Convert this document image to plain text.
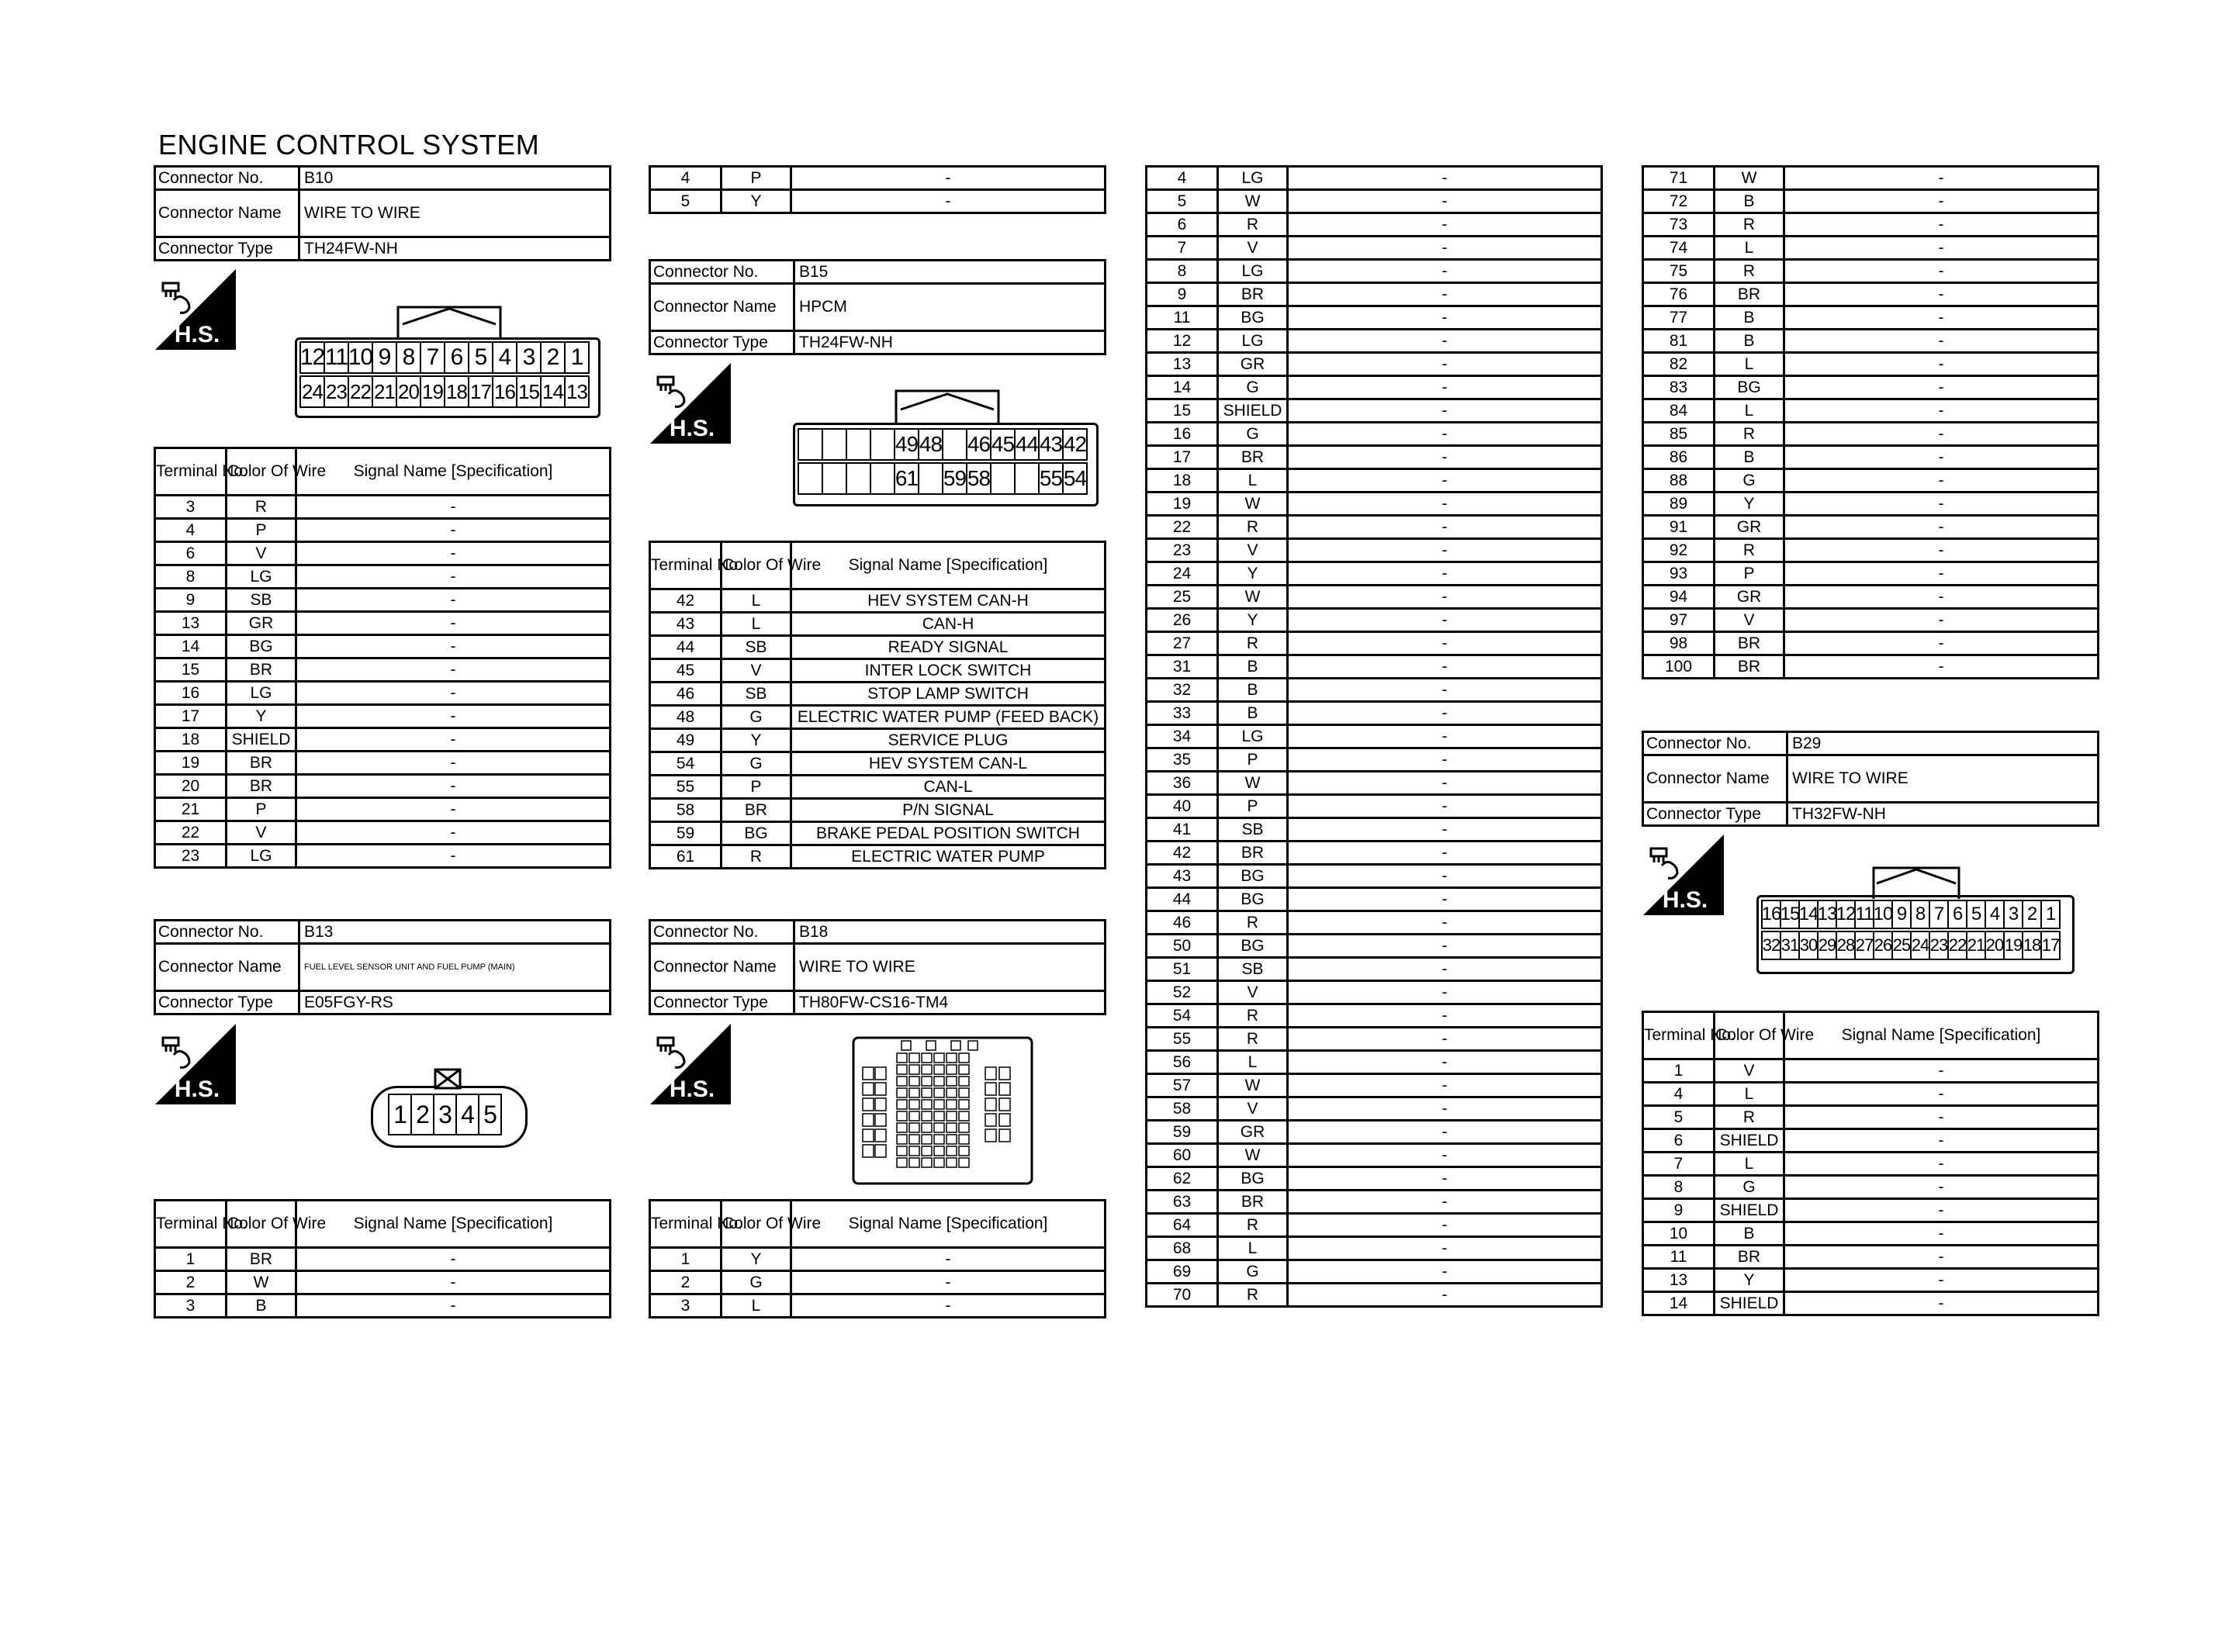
ENGINE CONTROL SYSTEM
Connector No.	B10
Connector Name	WIRE TO WIRE
Connector Type	TH24FW-NH
H.S.
12 11 10 9 8 7 6 5 4 3 2 1
24 23 22 21 20 19 18 17 16 15 14 13
Terminal No.	Color Of Wire	Signal Name [Specification]
3	R	-
4	P	-
6	V	-
8	LG	-
9	SB	-
13	GR	-
14	BG	-
15	BR	-
16	LG	-
17	Y	-
18	SHIELD	-
19	BR	-
20	BR	-
21	P	-
22	V	-
23	LG	-
Connector No.	B13
Connector Name	FUEL LEVEL SENSOR UNIT AND FUEL PUMP (MAIN)
Connector Type	E05FGY-RS
H.S.
1 2 3 4 5
Terminal No.	Color Of Wire	Signal Name [Specification]
1	BR	-
2	W	-
3	B	-
4	P	-
5	Y	-
Connector No.	B15
Connector Name	HPCM
Connector Type	TH24FW-NH
H.S.
49 48 46 45 44 43 42
61 59 58 55 54
Terminal No.	Color Of Wire	Signal Name [Specification]
42	L	HEV SYSTEM CAN-H
43	L	CAN-H
44	SB	READY SIGNAL
45	V	INTER LOCK SWITCH
46	SB	STOP LAMP SWITCH
48	G	ELECTRIC WATER PUMP (FEED BACK)
49	Y	SERVICE PLUG
54	G	HEV SYSTEM CAN-L
55	P	CAN-L
58	BR	P/N SIGNAL
59	BG	BRAKE PEDAL POSITION SWITCH
61	R	ELECTRIC WATER PUMP
Connector No.	B18
Connector Name	WIRE TO WIRE
Connector Type	TH80FW-CS16-TM4
H.S.
Terminal No.	Color Of Wire	Signal Name [Specification]
1	Y	-
2	G	-
3	L	-
4	LG	-
5	W	-
6	R	-
7	V	-
8	LG	-
9	BR	-
11	BG	-
12	LG	-
13	GR	-
14	G	-
15	SHIELD	-
16	G	-
17	BR	-
18	L	-
19	W	-
22	R	-
23	V	-
24	Y	-
25	W	-
26	Y	-
27	R	-
31	B	-
32	B	-
33	B	-
34	LG	-
35	P	-
36	W	-
40	P	-
41	SB	-
42	BR	-
43	BG	-
44	BG	-
46	R	-
50	BG	-
51	SB	-
52	V	-
54	R	-
55	R	-
56	L	-
57	W	-
58	V	-
59	GR	-
60	W	-
62	BG	-
63	BR	-
64	R	-
68	L	-
69	G	-
70	R	-
71	W	-
72	B	-
73	R	-
74	L	-
75	R	-
76	BR	-
77	B	-
81	B	-
82	L	-
83	BG	-
84	L	-
85	R	-
86	B	-
88	G	-
89	Y	-
91	GR	-
92	R	-
93	P	-
94	GR	-
97	V	-
98	BR	-
100	BR	-
Connector No.	B29
Connector Name	WIRE TO WIRE
Connector Type	TH32FW-NH
H.S.
16 15 14 13 12 11 10 9 8 7 6 5 4 3 2 1
32 31 30 29 28 27 26 25 24 23 22 21 20 19 18 17
Terminal No.	Color Of Wire	Signal Name [Specification]
1	V	-
4	L	-
5	R	-
6	SHIELD	-
7	L	-
8	G	-
9	SHIELD	-
10	B	-
11	BR	-
13	Y	-
14	SHIELD	-
